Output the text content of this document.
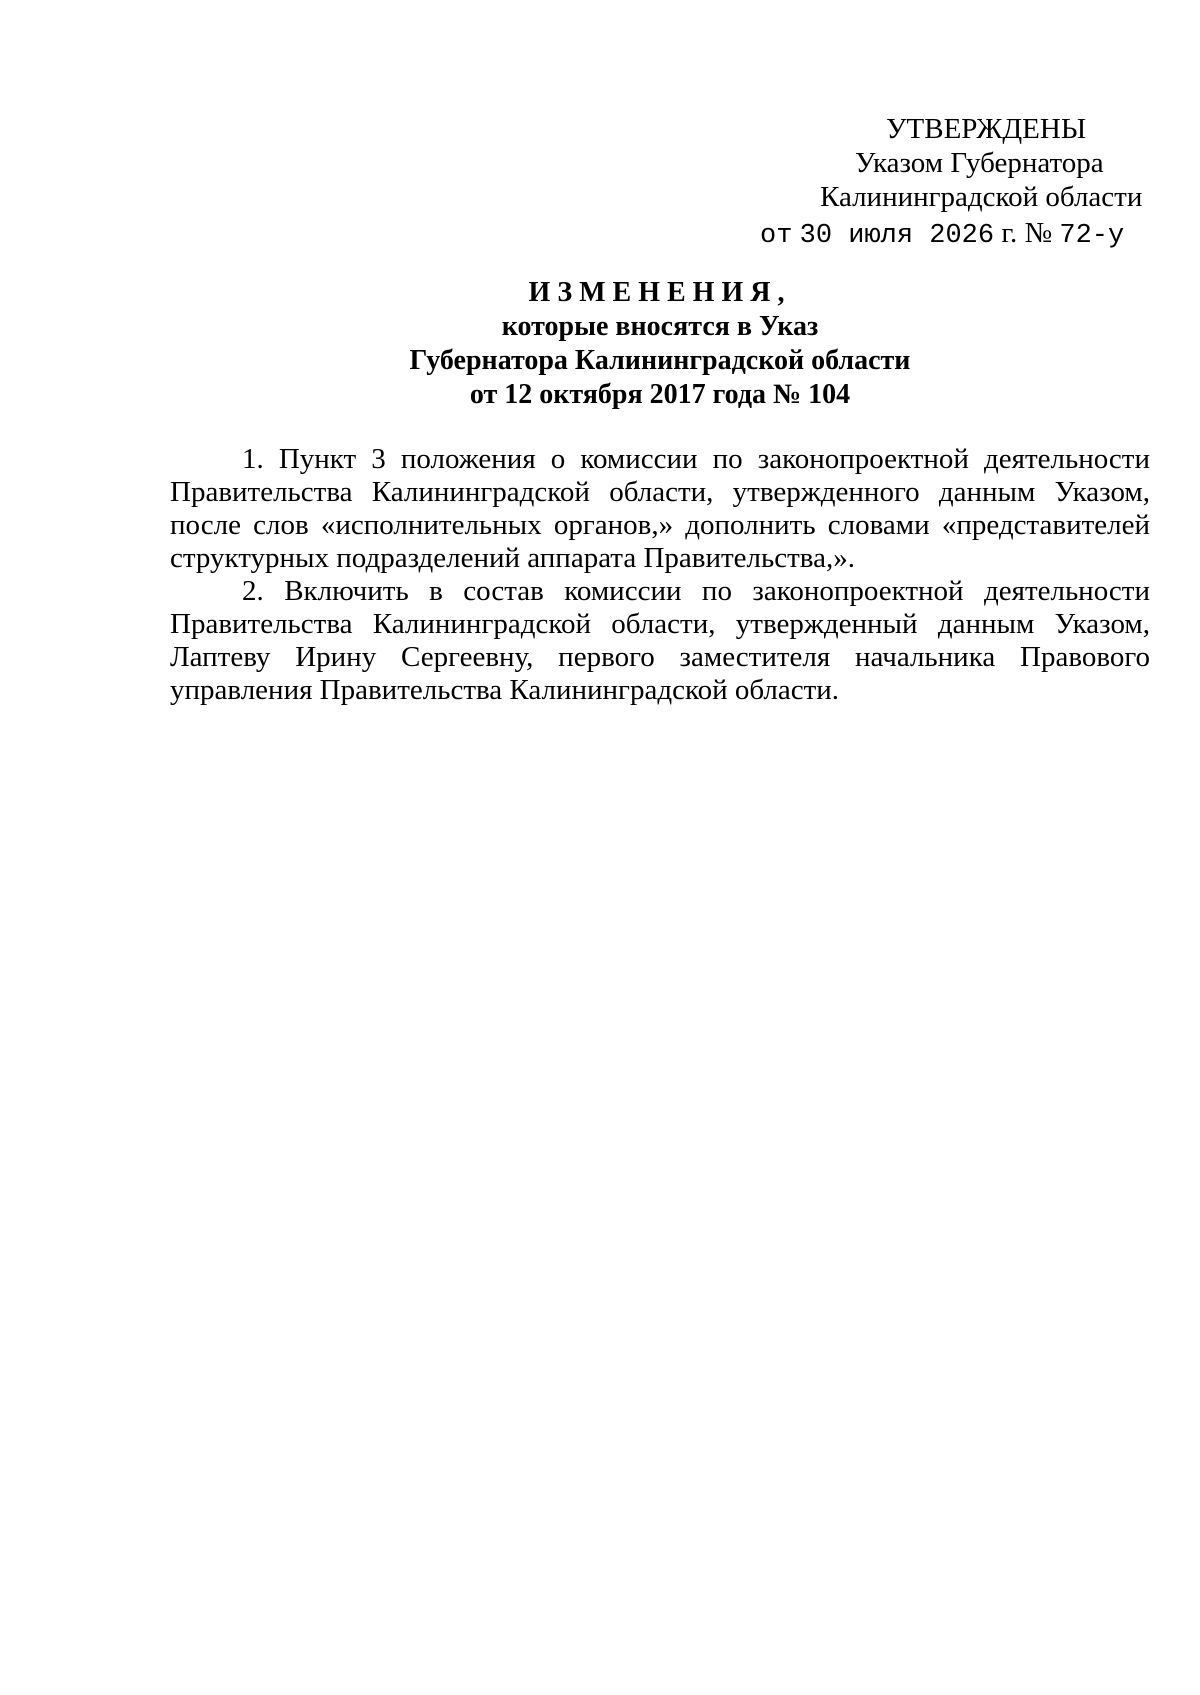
УТВЕРЖДЕНЫ
Указом Губернатора
Калининградской области
от 30 июля 2026 г. № 72-у
ИЗМЕНЕНИЯ,
которые вносятся в Указ
Губернатора Калининградской области
от 12 октября 2017 года № 104

1. Пункт 3 положения о комиссии по законопроектной деятельности Правительства Калининградской области, утвержденного данным Указом, после слов «исполнительных органов,» дополнить словами «представителей структурных подразделений аппарата Правительства,».

2. Включить в состав комиссии по законопроектной деятельности Правительства Калининградской области, утвержденный данным Указом, Лаптеву Ирину Сергеевну, первого заместителя начальника Правового управления Правительства Калининградской области.
